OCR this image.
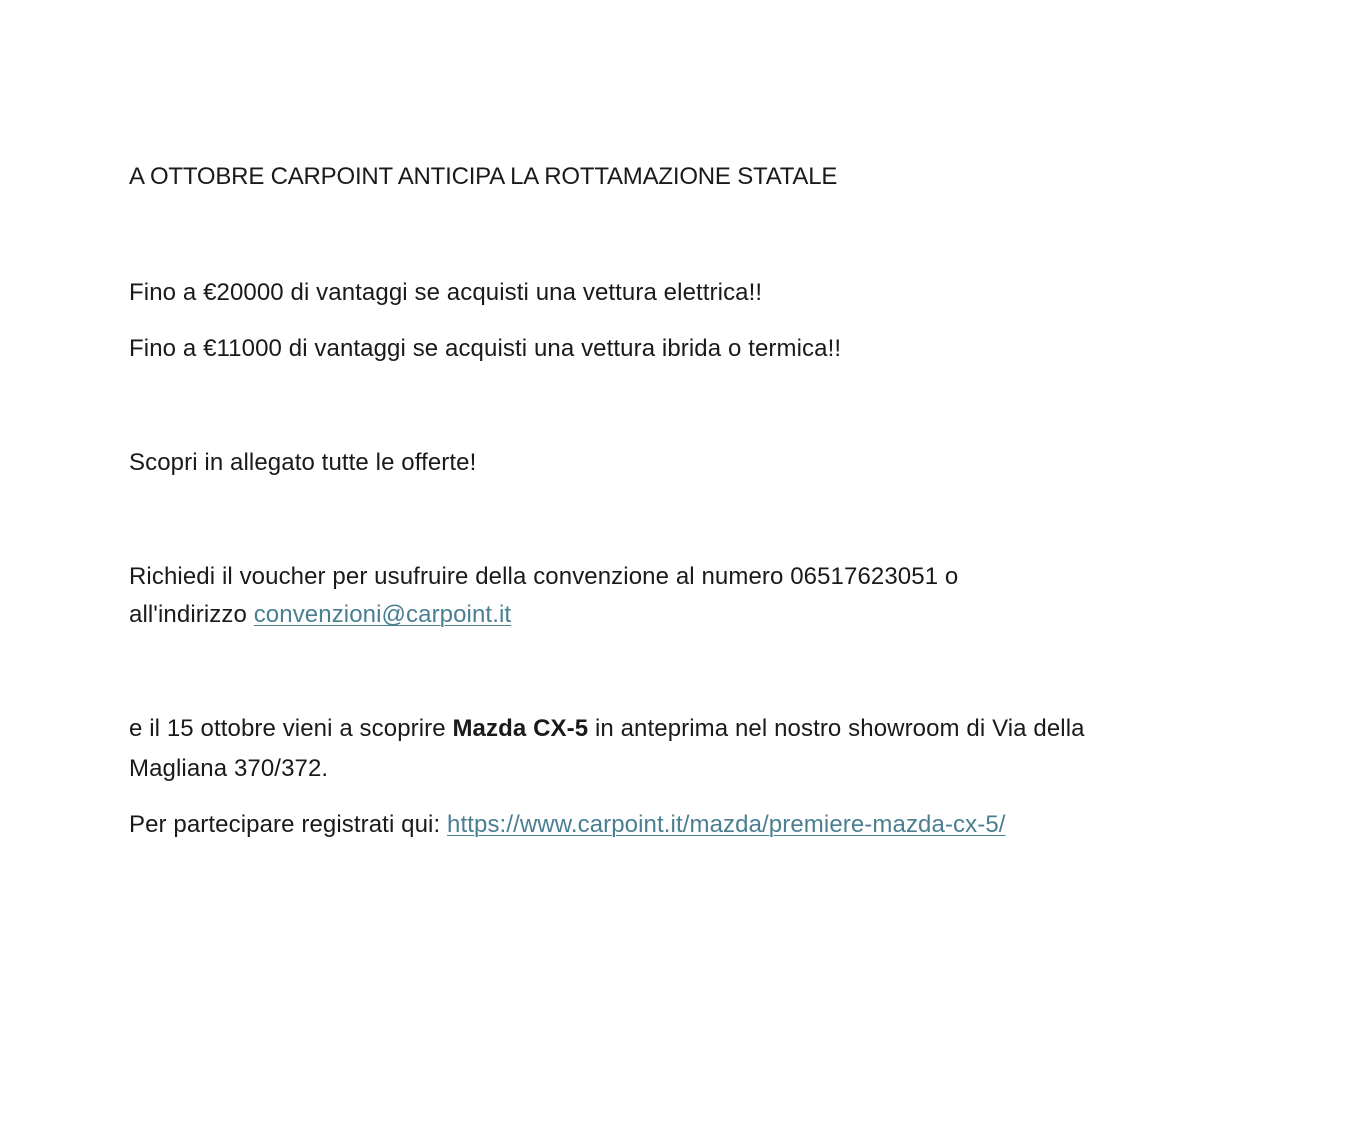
A OTTOBRE CARPOINT ANTICIPA LA ROTTAMAZIONE STATALE
Fino a €20000 di vantaggi se acquisti una vettura elettrica!!
Fino a €11000 di vantaggi se acquisti una vettura ibrida o termica!!
Scopri in allegato tutte le offerte!
Richiedi il voucher per usufruire della convenzione al numero 06517623051 o
all'indirizzo convenzioni@carpoint.it
e il 15 ottobre vieni a scoprire Mazda CX-5 in anteprima nel nostro showroom di Via della
Magliana 370/372.
Per partecipare registrati qui: https://www.carpoint.it/mazda/premiere-mazda-cx-5/
